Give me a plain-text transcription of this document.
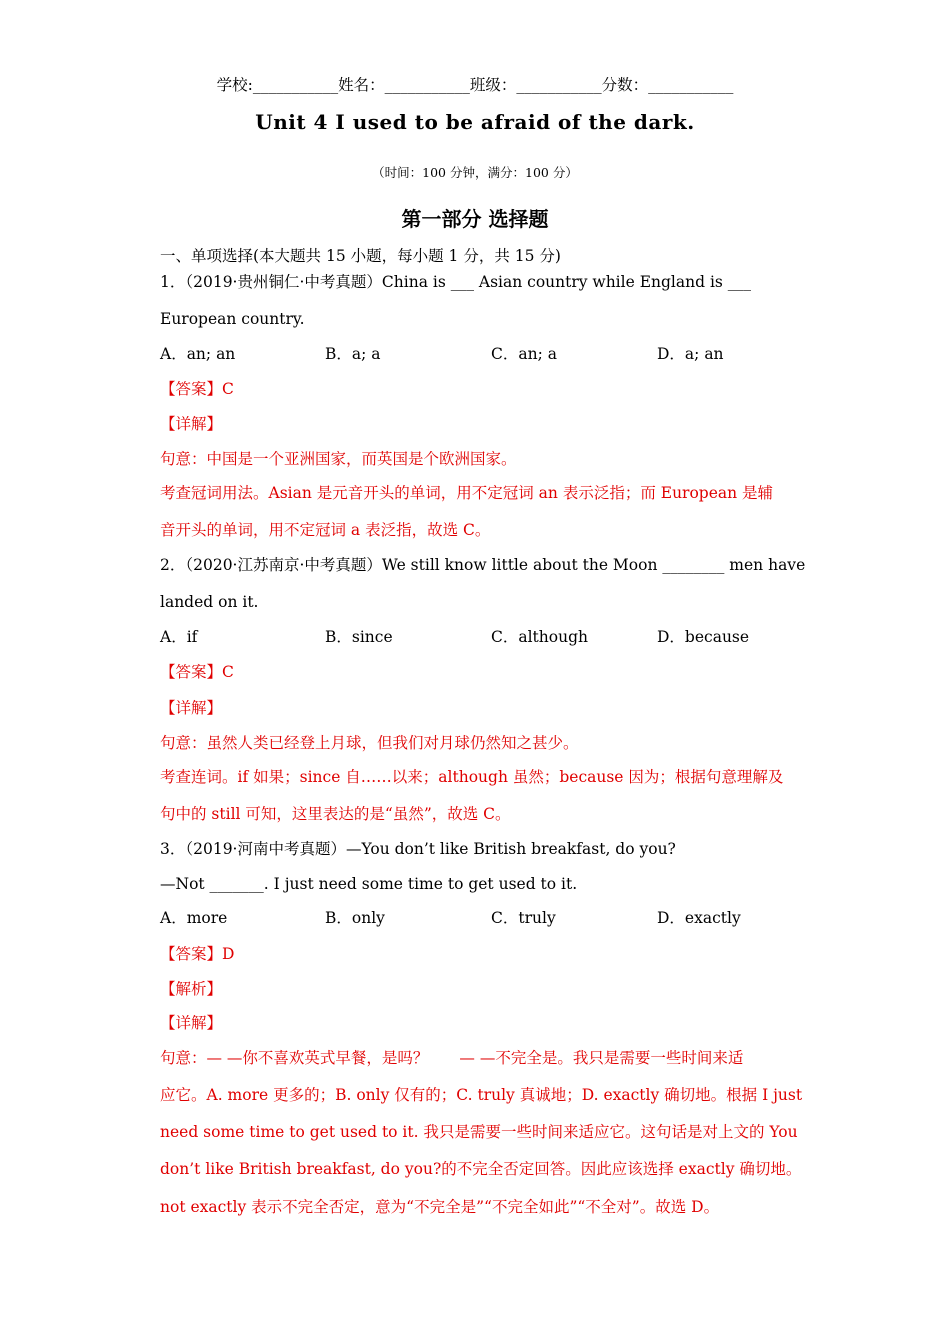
学校:___________姓名：___________班级：___________分数：___________
Unit 4 I used to be afraid of the dark.
（时间：100 分钟，满分：100 分）
第一部分 选择题
一、单项选择(本大题共 15 小题，每小题 1 分，共 15 分)
1．（2019·贵州铜仁·中考真题）China is ___ Asian country while England is ___
European country.
A．an; an	B．a; a	C．an; a	D．a; an
【答案】C
【详解】
句意：中国是一个亚洲国家，而英国是个欧洲国家。
考查冠词用法。Asian 是元音开头的单词，用不定冠词 an 表示泛指；而 European 是辅
音开头的单词，用不定冠词 a 表泛指，故选 C。
2．（2020·江苏南京·中考真题）We still know little about the Moon ________ men have
landed on it.
A．if	B．since	C．although	D．because
【答案】C
【详解】
句意：虽然人类已经登上月球，但我们对月球仍然知之甚少。
考查连词。if 如果；since 自……以来；although 虽然；because 因为；根据句意理解及
句中的 still 可知，这里表达的是“虽然”，故选 C。
3．（2019·河南中考真题）—You don’t like British breakfast, do you?
—Not _______. I just need some time to get used to it.
A．more	B．only	C．truly	D．exactly
【答案】D
【解析】
【详解】
句意：— —你不喜欢英式早餐，是吗？　　— —不完全是。我只是需要一些时间来适
应它。A. more 更多的；B. only 仅有的；C. truly 真诚地；D. exactly 确切地。根据 I just
need some time to get used to it. 我只是需要一些时间来适应它。这句话是对上文的 You
don’t like British breakfast, do you?的不完全否定回答。因此应该选择 exactly 确切地。
not exactly 表示不完全否定，意为“不完全是”“不完全如此”“不全对”。故选 D。
